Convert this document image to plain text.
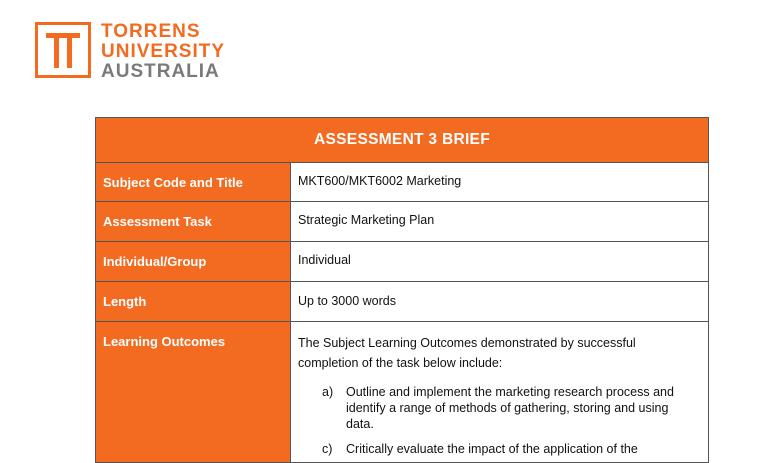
TORRENS
UNIVERSITY
AUSTRALIA
ASSESSMENT 3 BRIEF
Subject Code and Title	MKT600/MKT6002 Marketing
Assessment Task	Strategic Marketing Plan
Individual/Group	Individual
Length	Up to 3000 words
Learning Outcomes	The Subject Learning Outcomes demonstrated by successful completion of the task below include:
a)	Outline and implement the marketing research process and identify a range of methods of gathering, storing and using data.
c)	Critically evaluate the impact of the application of the
